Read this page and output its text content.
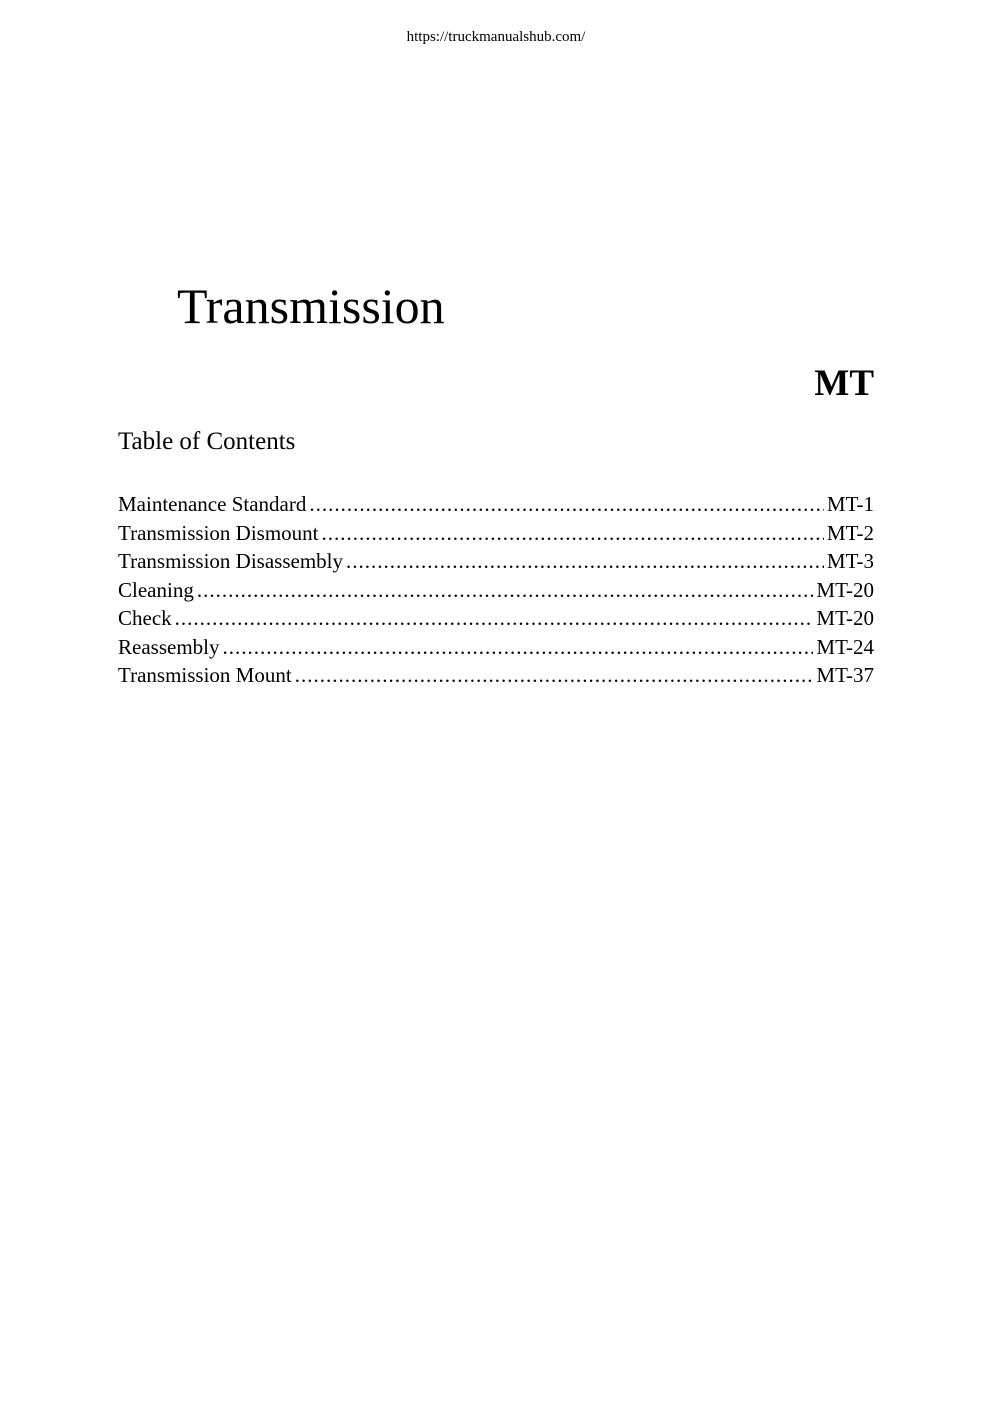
https://truckmanualshub.com/
Transmission
MT
Table of Contents
Maintenance Standard .....	MT-1
Transmission Dismount .....	MT-2
Transmission Disassembly .....	MT-3
Cleaning .....	MT-20
Check .....	MT-20
Reassembly .....	MT-24
Transmission Mount .....	MT-37
